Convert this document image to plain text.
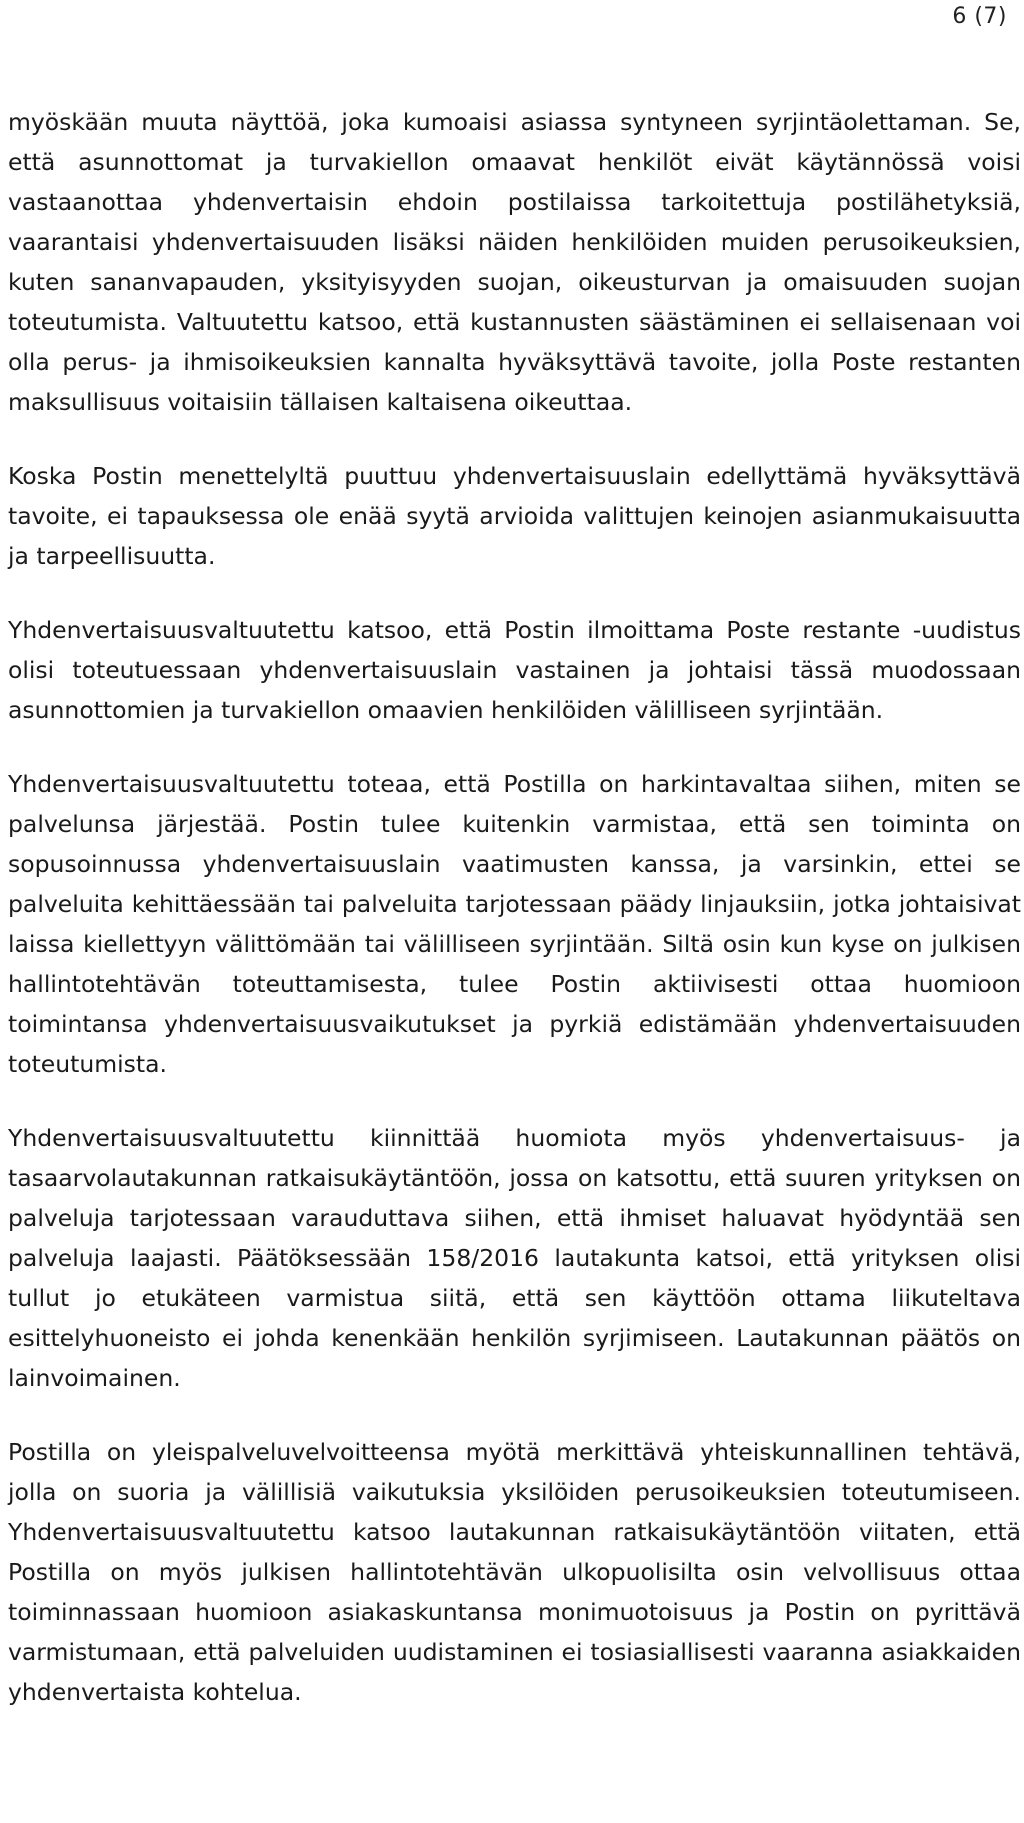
6 (7)

myöskään muuta näyttöä, joka kumoaisi asiassa syntyneen syrjintäolettaman. Se, että asunnottomat ja turvakiellon omaavat henkilöt eivät käytännössä voisi vastaanottaa yhdenvertaisin ehdoin postilaissa tarkoitettuja postilähetyksiä, vaarantaisi yhdenvertaisuuden lisäksi näiden henkilöiden muiden perusoikeuksien, kuten sananvapauden, yksityisyyden suojan, oikeusturvan ja omaisuuden suojan toteutumista. Valtuutettu katsoo, että kustannusten säästäminen ei sellaisenaan voi olla perus- ja ihmisoikeuksien kannalta hyväksyttävä tavoite, jolla Poste restanten maksullisuus voitaisiin tällaisen kaltaisena oikeuttaa.

Koska Postin menettelyltä puuttuu yhdenvertaisuuslain edellyttämä hyväksyttävä tavoite, ei tapauksessa ole enää syytä arvioida valittujen keinojen asianmukaisuutta ja tarpeellisuutta.

Yhdenvertaisuusvaltuutettu katsoo, että Postin ilmoittama Poste restante -uudistus olisi toteutuessaan yhdenvertaisuuslain vastainen ja johtaisi tässä muodossaan asunnottomien ja turvakiellon omaavien henkilöiden välilliseen syrjintään.

Yhdenvertaisuusvaltuutettu toteaa, että Postilla on harkintavaltaa siihen, miten se palvelunsa järjestää. Postin tulee kuitenkin varmistaa, että sen toiminta on sopusoinnussa yhdenvertaisuuslain vaatimusten kanssa, ja varsinkin, ettei se palveluita kehittäessään tai palveluita tarjotessaan päädy linjauksiin, jotka johtaisivat laissa kiellettyyn välittömään tai välilliseen syrjintään. Siltä osin kun kyse on julkisen hallintotehtävän toteuttamisesta, tulee Postin aktiivisesti ottaa huomioon toimintansa yhdenvertaisuusvaikutukset ja pyrkiä edistämään yhdenvertaisuuden toteutumista.

Yhdenvertaisuusvaltuutettu kiinnittää huomiota myös yhdenvertaisuus- ja tasaarvolautakunnan ratkaisukäytäntöön, jossa on katsottu, että suuren yrityksen on palveluja tarjotessaan varauduttava siihen, että ihmiset haluavat hyödyntää sen palveluja laajasti. Päätöksessään 158/2016 lautakunta katsoi, että yrityksen olisi tullut jo etukäteen varmistua siitä, että sen käyttöön ottama liikuteltava esittelyhuoneisto ei johda kenenkään henkilön syrjimiseen. Lautakunnan päätös on lainvoimainen.

Postilla on yleispalveluvelvoitteensa myötä merkittävä yhteiskunnallinen tehtävä, jolla on suoria ja välillisiä vaikutuksia yksilöiden perusoikeuksien toteutumiseen. Yhdenvertaisuusvaltuutettu katsoo lautakunnan ratkaisukäytäntöön viitaten, että Postilla on myös julkisen hallintotehtävän ulkopuolisilta osin velvollisuus ottaa toiminnassaan huomioon asiakaskuntansa monimuotoisuus ja Postin on pyrittävä varmistumaan, että palveluiden uudistaminen ei tosiasiallisesti vaaranna asiakkaiden yhdenvertaista kohtelua.
